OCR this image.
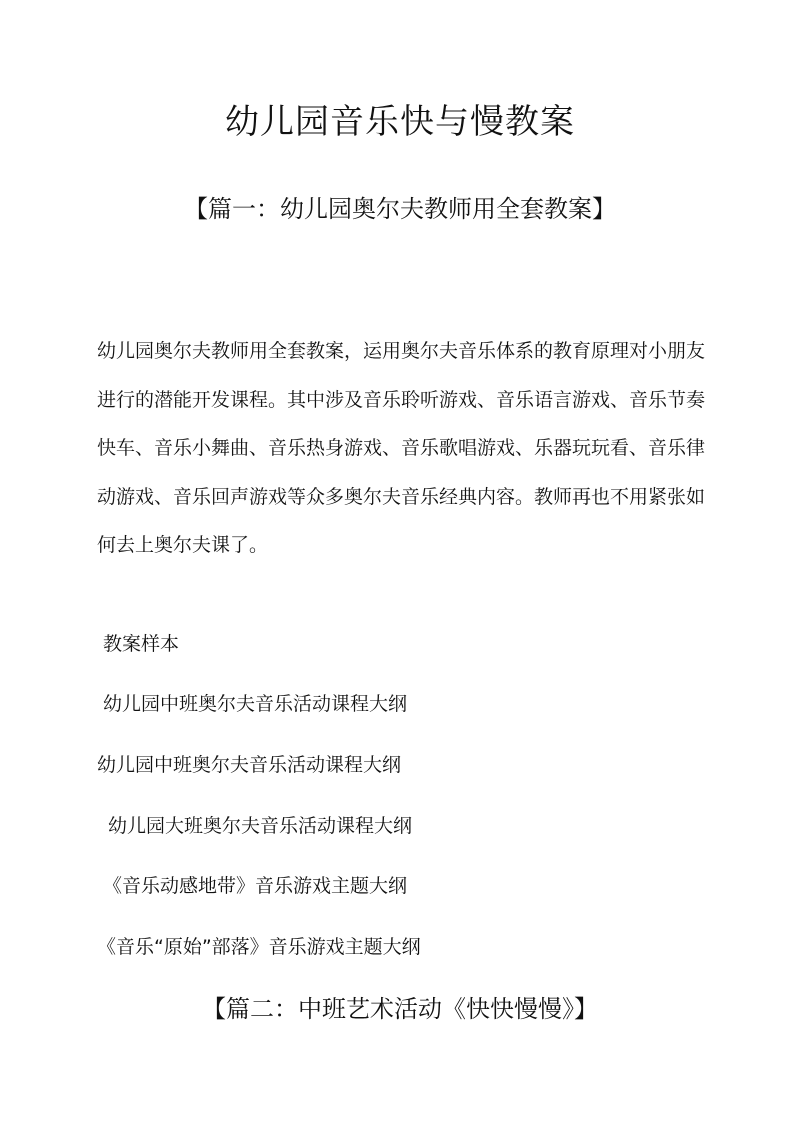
幼儿园音乐快与慢教案
【篇一：幼儿园奥尔夫教师用全套教案】

幼儿园奥尔夫教师用全套教案，运用奥尔夫音乐体系的教育原理对小朋友进行的潜能开发课程。其中涉及音乐聆听游戏、音乐语言游戏、音乐节奏快车、音乐小舞曲、音乐热身游戏、音乐歌唱游戏、乐器玩玩看、音乐律动游戏、音乐回声游戏等众多奥尔夫音乐经典内容。教师再也不用紧张如何去上奥尔夫课了。

教案样本

幼儿园中班奥尔夫音乐活动课程大纲

幼儿园中班奥尔夫音乐活动课程大纲

幼儿园大班奥尔夫音乐活动课程大纲

《音乐动感地带》音乐游戏主题大纲

《音乐“原始”部落》音乐游戏主题大纲

【篇二：中班艺术活动《快快慢慢》】
